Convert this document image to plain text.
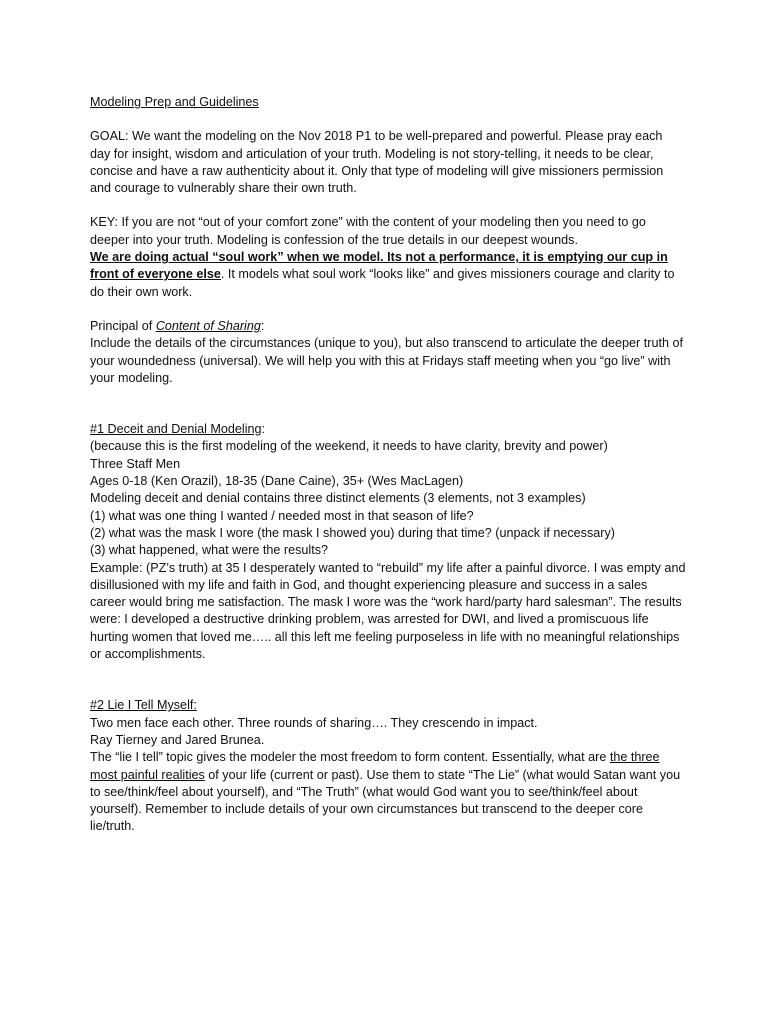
Modeling Prep and Guidelines

GOAL: We want the modeling on the Nov 2018 P1 to be well-prepared and powerful. Please pray each day for insight, wisdom and articulation of your truth. Modeling is not story-telling, it needs to be clear, concise and have a raw authenticity about it. Only that type of modeling will give missioners permission and courage to vulnerably share their own truth.

KEY: If you are not “out of your comfort zone” with the content of your modeling then you need to go deeper into your truth. Modeling is confession of the true details in our deepest wounds.

We are doing actual “soul work” when we model. Its not a performance, it is emptying our cup in front of everyone else. It models what soul work “looks like” and gives missioners courage and clarity to do their own work.

Principal of Content of Sharing:

Include the details of the circumstances (unique to you), but also transcend to articulate the deeper truth of your woundedness (universal). We will help you with this at Fridays staff meeting when you “go live” with your modeling.

#1 Deceit and Denial Modeling:

(because this is the first modeling of the weekend, it needs to have clarity, brevity and power)

Three Staff Men

Ages 0-18 (Ken Orazil), 18-35 (Dane Caine), 35+ (Wes MacLagen)

Modeling deceit and denial contains three distinct elements (3 elements, not 3 examples)

(1) what was one thing I wanted / needed most in that season of life?

(2) what was the mask I wore (the mask I showed you) during that time? (unpack if necessary)

(3) what happened, what were the results?

Example: (PZ’s truth) at 35 I desperately wanted to “rebuild” my life after a painful divorce. I was empty and disillusioned with my life and faith in God, and thought experiencing pleasure and success in a sales career would bring me satisfaction. The mask I wore was the “work hard/party hard salesman”. The results were: I developed a destructive drinking problem, was arrested for DWI, and lived a promiscuous life hurting women that loved me….. all this left me feeling purposeless in life with no meaningful relationships or accomplishments.

#2 Lie I Tell Myself:

Two men face each other. Three rounds of sharing…. They crescendo in impact.

Ray Tierney and Jared Brunea.

The “lie I tell” topic gives the modeler the most freedom to form content. Essentially, what are the three most painful realities of your life (current or past). Use them to state “The Lie” (what would Satan want you to see/think/feel about yourself), and “The Truth” (what would God want you to see/think/feel about yourself). Remember to include details of your own circumstances but transcend to the deeper core lie/truth.
